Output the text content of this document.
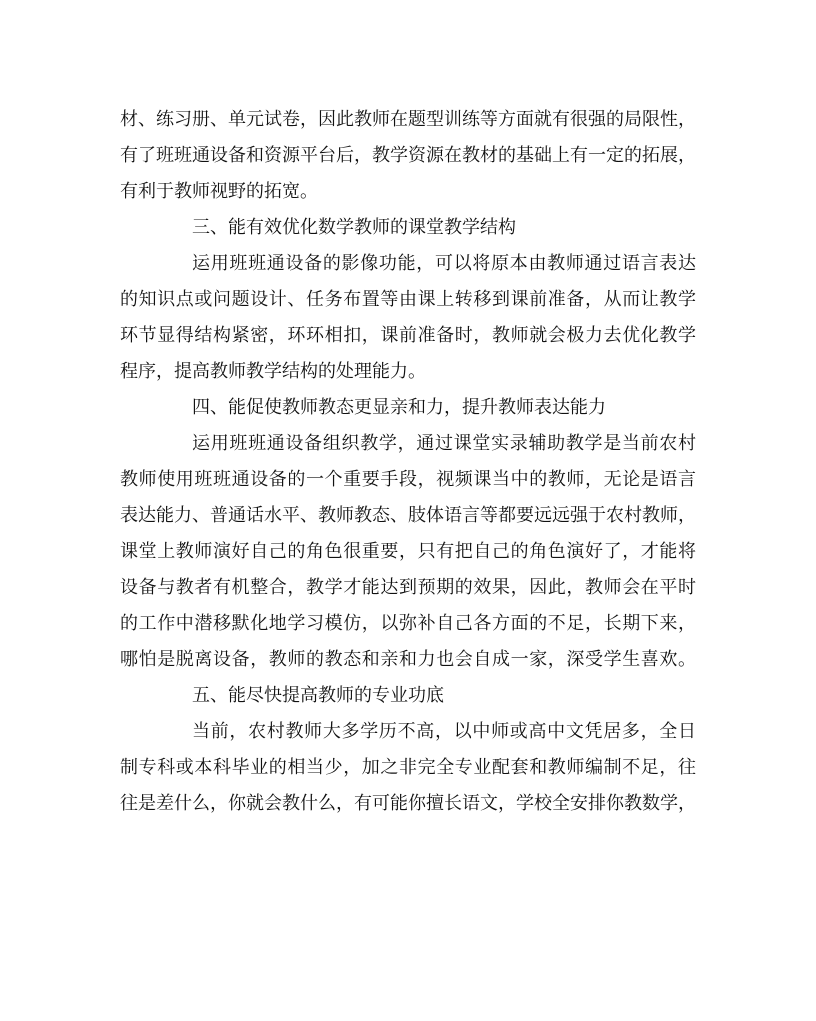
材、练习册、单元试卷，因此教师在题型训练等方面就有很强的局限性，
有了班班通设备和资源平台后，教学资源在教材的基础上有一定的拓展，
有利于教师视野的拓宽。
三、能有效优化数学教师的课堂教学结构
运用班班通设备的影像功能，可以将原本由教师通过语言表达
的知识点或问题设计、任务布置等由课上转移到课前准备，从而让教学
环节显得结构紧密，环环相扣，课前准备时，教师就会极力去优化教学
程序，提高教师教学结构的处理能力。
四、能促使教师教态更显亲和力，提升教师表达能力
运用班班通设备组织教学，通过课堂实录辅助教学是当前农村
教师使用班班通设备的一个重要手段，视频课当中的教师，无论是语言
表达能力、普通话水平、教师教态、肢体语言等都要远远强于农村教师，
课堂上教师演好自己的角色很重要，只有把自己的角色演好了，才能将
设备与教者有机整合，教学才能达到预期的效果，因此，教师会在平时
的工作中潜移默化地学习模仿，以弥补自己各方面的不足，长期下来，
哪怕是脱离设备，教师的教态和亲和力也会自成一家，深受学生喜欢。
五、能尽快提高教师的专业功底
当前，农村教师大多学历不高，以中师或高中文凭居多，全日
制专科或本科毕业的相当少，加之非完全专业配套和教师编制不足，往
往是差什么，你就会教什么，有可能你擅长语文，学校全安排你教数学，
